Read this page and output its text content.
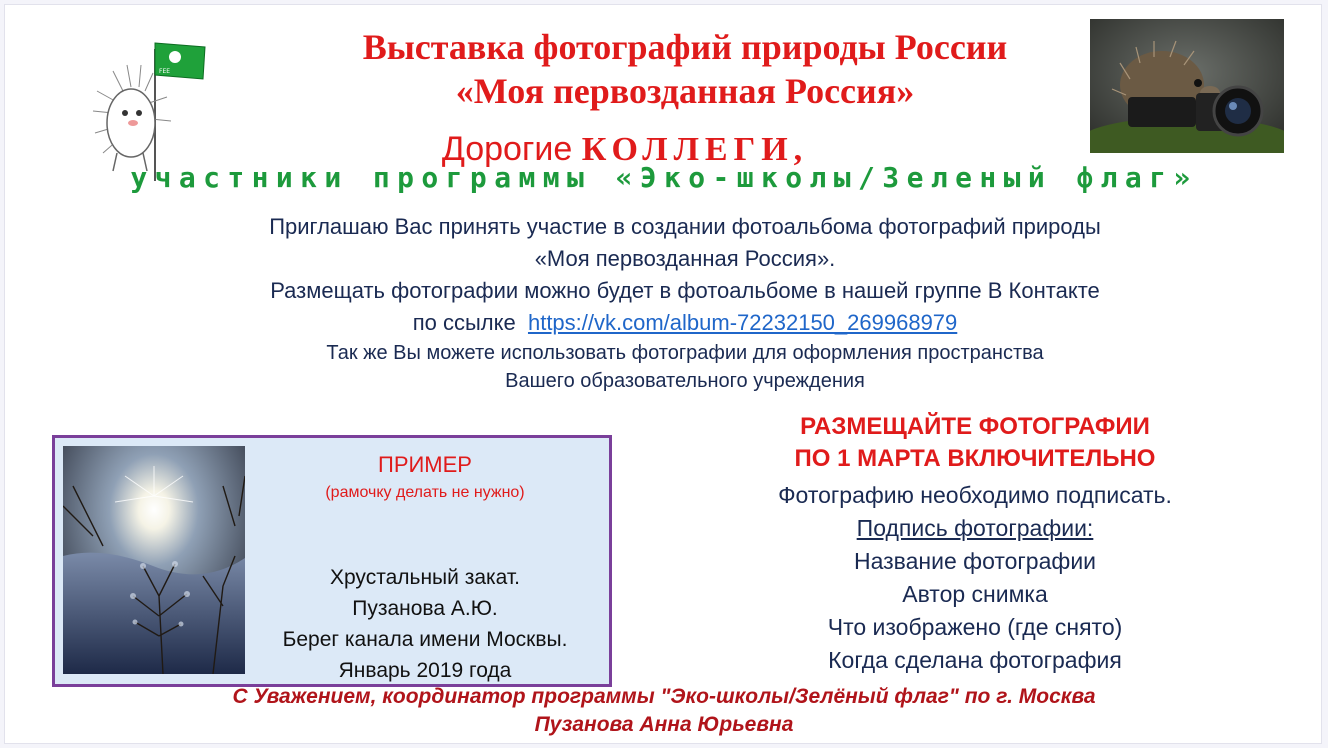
FEE
Выставка фотографий природы России
«Моя первозданная Россия»
Дорогие КОЛЛЕГИ,
участники программы «Эко-школы/Зеленый флаг»
Приглашаю Вас принять участие в создании фотоальбома фотографий природы
«Моя первозданная Россия».
Размещать фотографии можно будет в фотоальбоме в нашей группе В Контакте
по ссылке  https://vk.com/album-72232150_269968979
Так же Вы можете использовать фотографии для оформления пространства
Вашего образовательного учреждения
ПРИМЕР
(рамочку делать не нужно)
Хрустальный закат.
Пузанова А.Ю.
Берег канала имени Москвы.
Январь 2019 года
РАЗМЕЩАЙТЕ ФОТОГРАФИИ
ПО 1 МАРТА ВКЛЮЧИТЕЛЬНО
Фотографию необходимо подписать.
Подпись фотографии:
Название фотографии
Автор снимка
Что изображено (где снято)
Когда сделана фотография
С Уважением, координатор программы "Эко-школы/Зелёный флаг" по г. Москва
Пузанова Анна Юрьевна
